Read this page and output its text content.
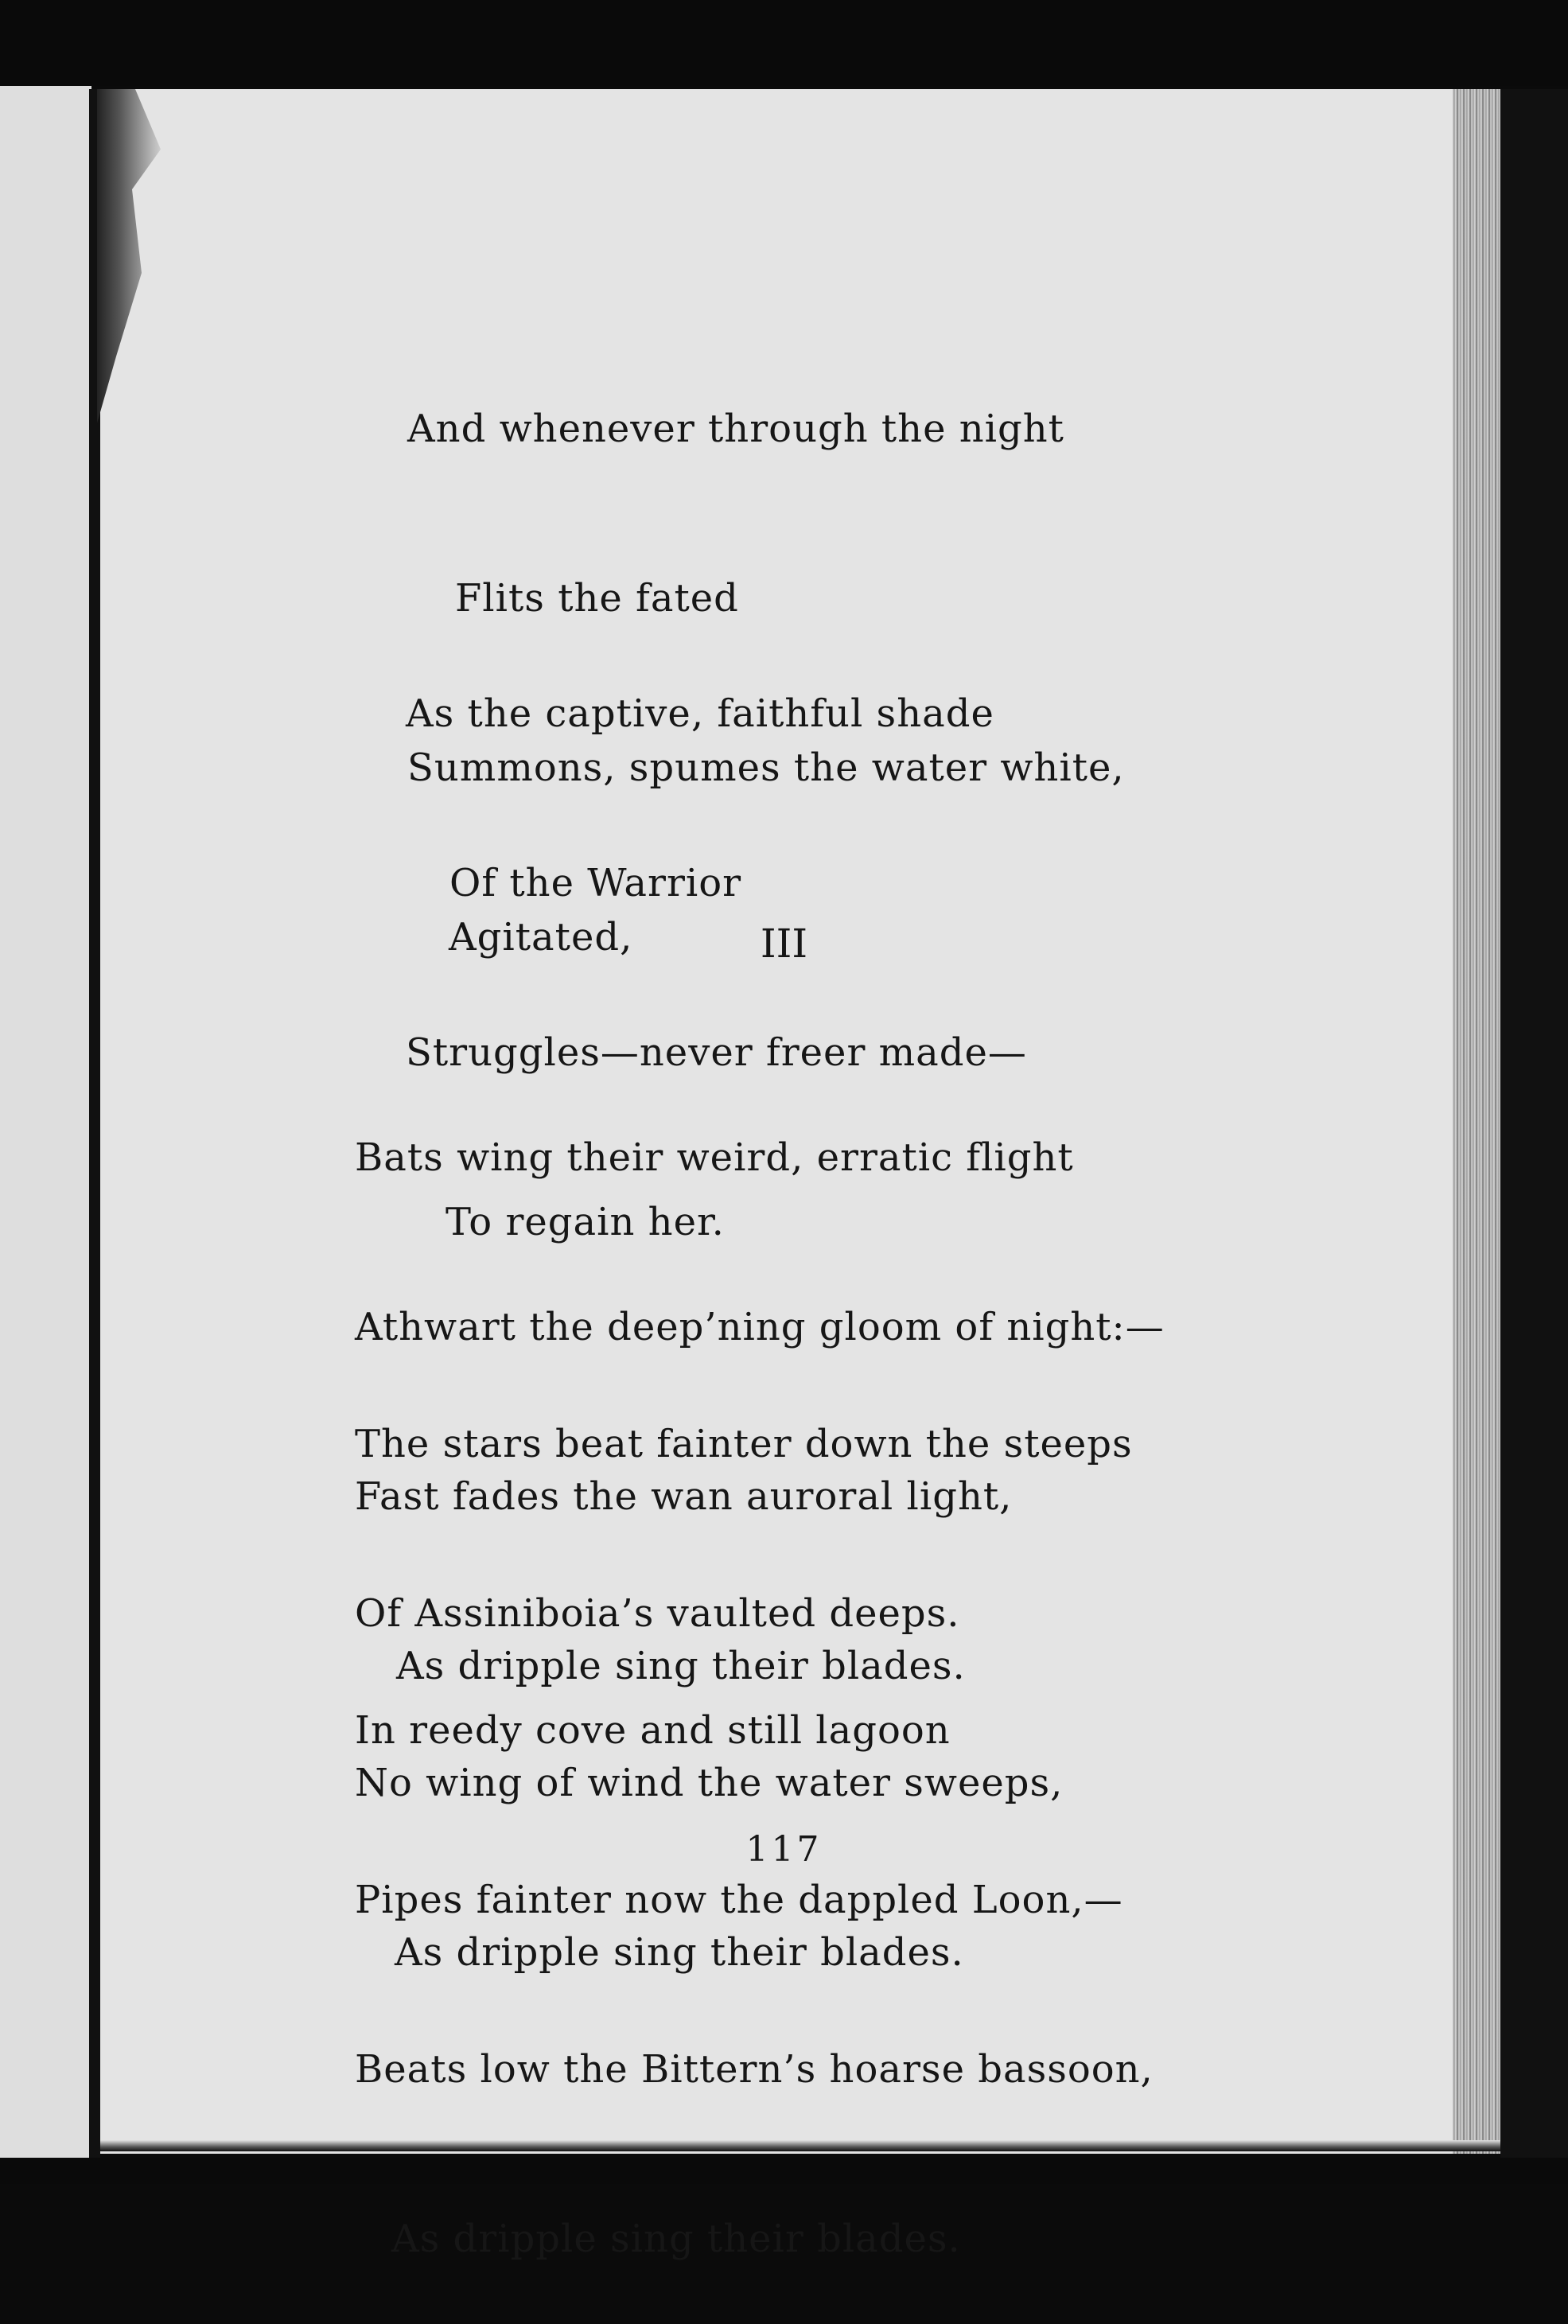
And whenever through the night

Flits the fated

Summons, spumes the water white,

Agitated,

As the captive, faithful shade

Of the Warrior

Struggles—never freer made—

To regain her.

III

Bats wing their weird, erratic flight

Athwart the deep’ning gloom of night:—

Fast fades the wan auroral light,

As dripple sing their blades.

The stars beat fainter down the steeps

Of Assiniboia’s vaulted deeps.

No wing of wind the water sweeps,

As dripple sing their blades.

In reedy cove and still lagoon

Pipes fainter now the dappled Loon,—

Beats low the Bittern’s hoarse bassoon,

As dripple sing their blades.

117
